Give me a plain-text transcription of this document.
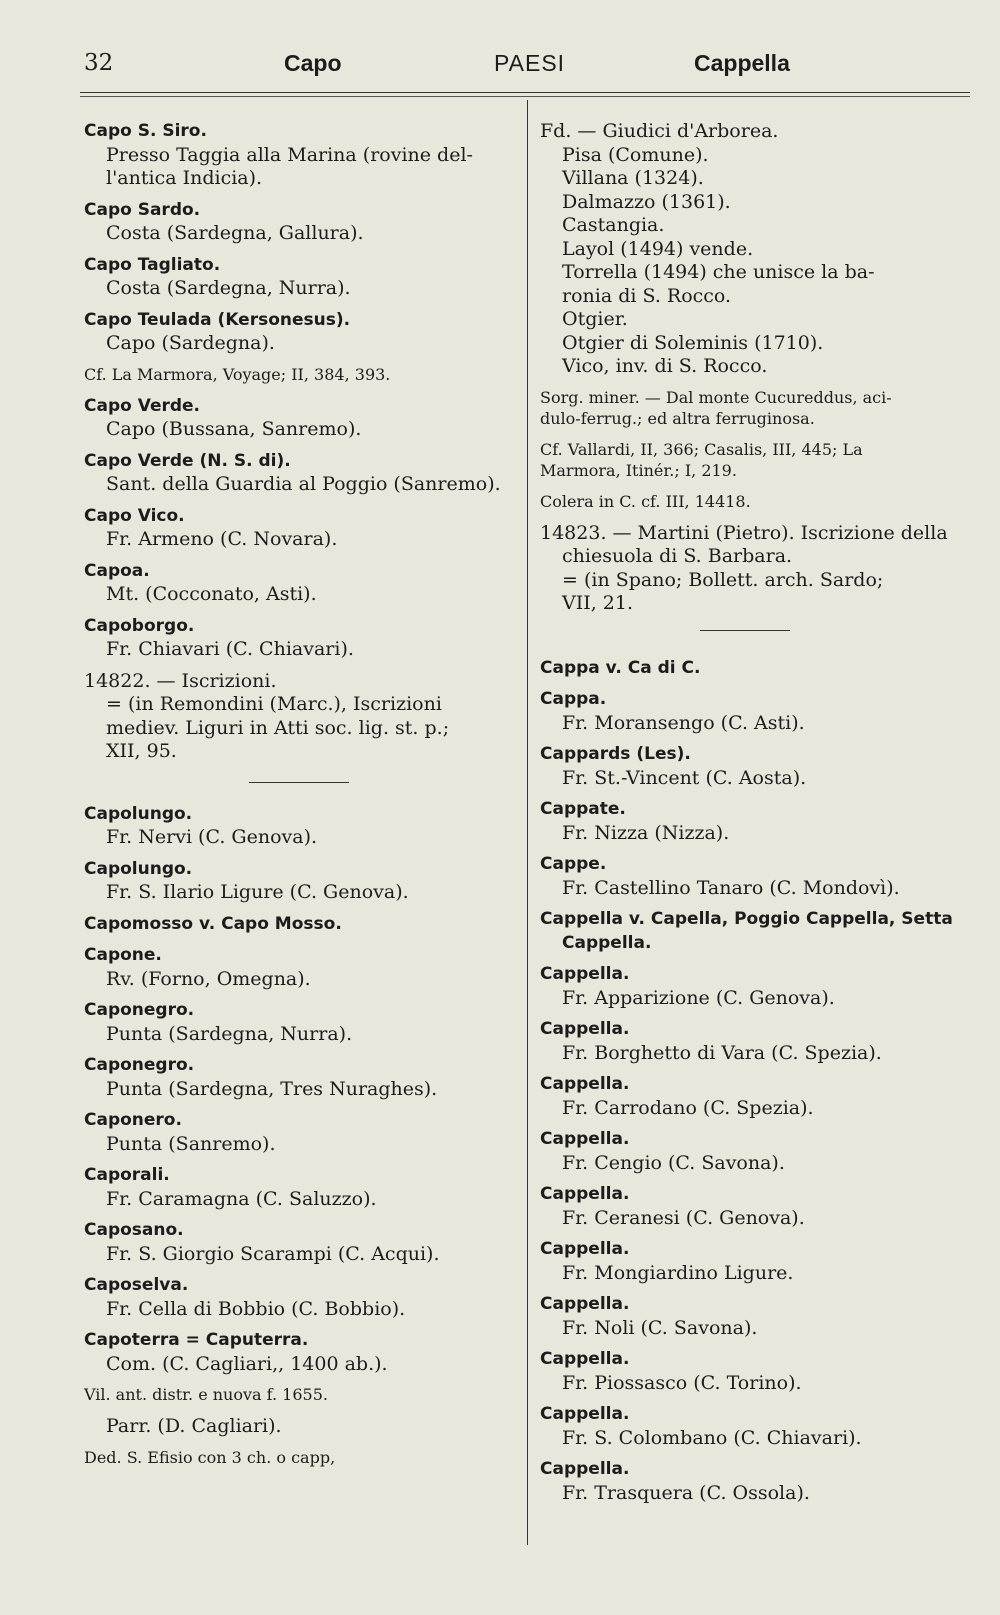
32	Capo	PAESI	Cappella
Capo S. Siro.
Presso Taggia alla Marina (rovine del-
l'antica Indicia).
Capo Sardo.
Costa (Sardegna, Gallura).
Capo Tagliato.
Costa (Sardegna, Nurra).
Capo Teulada (Kersonesus).
Capo (Sardegna).
Cf. La Marmora, Voyage; II, 384, 393.
Capo Verde.
Capo (Bussana, Sanremo).
Capo Verde (N. S. di).
Sant. della Guardia al Poggio (Sanremo).
Capo Vico.
Fr. Armeno (C. Novara).
Capoa.
Mt. (Cocconato, Asti).
Capoborgo.
Fr. Chiavari (C. Chiavari).
14822. — Iscrizioni.
= (in Remondini (Marc.), Iscrizioni
mediev. Liguri in Atti soc. lig. st. p.;
XII, 95.
Capolungo.
Fr. Nervi (C. Genova).
Capolungo.
Fr. S. Ilario Ligure (C. Genova).
Capomosso v. Capo Mosso.
Capone.
Rv. (Forno, Omegna).
Caponegro.
Punta (Sardegna, Nurra).
Caponegro.
Punta (Sardegna, Tres Nuraghes).
Caponero.
Punta (Sanremo).
Caporali.
Fr. Caramagna (C. Saluzzo).
Caposano.
Fr. S. Giorgio Scarampi (C. Acqui).
Caposelva.
Fr. Cella di Bobbio (C. Bobbio).
Capoterra = Caputerra.
Com. (C. Cagliari,, 1400 ab.).
Vil. ant. distr. e nuova f. 1655.
Parr. (D. Cagliari).
Ded. S. Efisio con 3 ch. o capp,
Fd. — Giudici d'Arborea.
Pisa (Comune).
Villana (1324).
Dalmazzo (1361).
Castangia.
Layol (1494) vende.
Torrella (1494) che unisce la ba-
ronia di S. Rocco.
Otgier.
Otgier di Soleminis (1710).
Vico, inv. di S. Rocco.
Sorg. miner. — Dal monte Cucureddus, aci-
dulo-ferrug.; ed altra ferruginosa.
Cf. Vallardi, II, 366; Casalis, III, 445; La
Marmora, Itinér.; I, 219.
Colera in C. cf. III, 14418.
14823. — Martini (Pietro). Iscrizione della
chiesuola di S. Barbara.
= (in Spano; Bollett. arch. Sardo;
VII, 21.
Cappa v. Ca di C.
Cappa.
Fr. Moransengo (C. Asti).
Cappards (Les).
Fr. St.-Vincent (C. Aosta).
Cappate.
Fr. Nizza (Nizza).
Cappe.
Fr. Castellino Tanaro (C. Mondovì).
Cappella v. Capella, Poggio Cappella, Setta
Cappella.
Cappella.
Fr. Apparizione (C. Genova).
Cappella.
Fr. Borghetto di Vara (C. Spezia).
Cappella.
Fr. Carrodano (C. Spezia).
Cappella.
Fr. Cengio (C. Savona).
Cappella.
Fr. Ceranesi (C. Genova).
Cappella.
Fr. Mongiardino Ligure.
Cappella.
Fr. Noli (C. Savona).
Cappella.
Fr. Piossasco (C. Torino).
Cappella.
Fr. S. Colombano (C. Chiavari).
Cappella.
Fr. Trasquera (C. Ossola).
